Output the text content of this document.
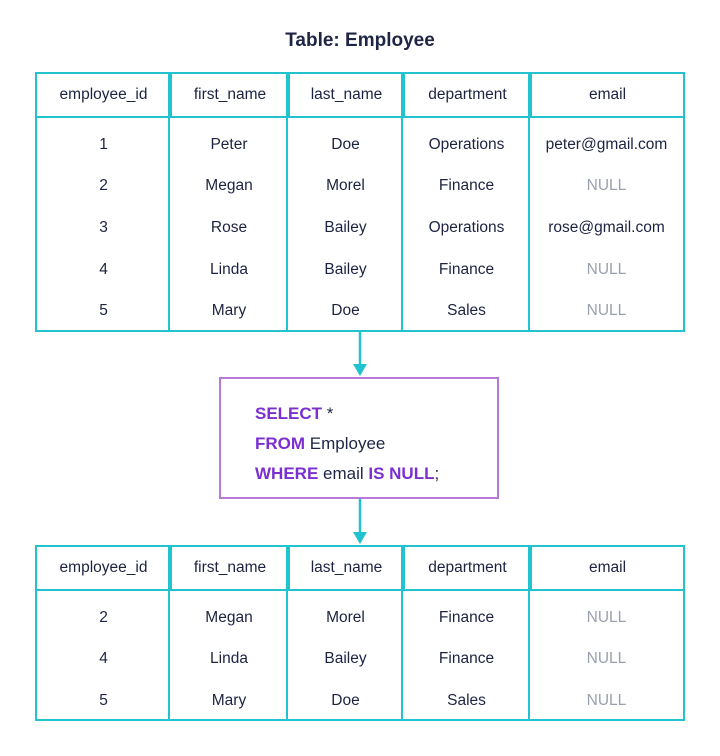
Table: Employee
employee_id	first_name	last_name	department	email
1	Peter	Doe	Operations	peter@gmail.com
2	Megan	Morel	Finance	NULL
3	Rose	Bailey	Operations	rose@gmail.com
4	Linda	Bailey	Finance	NULL
5	Mary	Doe	Sales	NULL
SELECT *
FROM Employee
WHERE email IS NULL;
employee_id	first_name	last_name	department	email
2	Megan	Morel	Finance	NULL
4	Linda	Bailey	Finance	NULL
5	Mary	Doe	Sales	NULL
